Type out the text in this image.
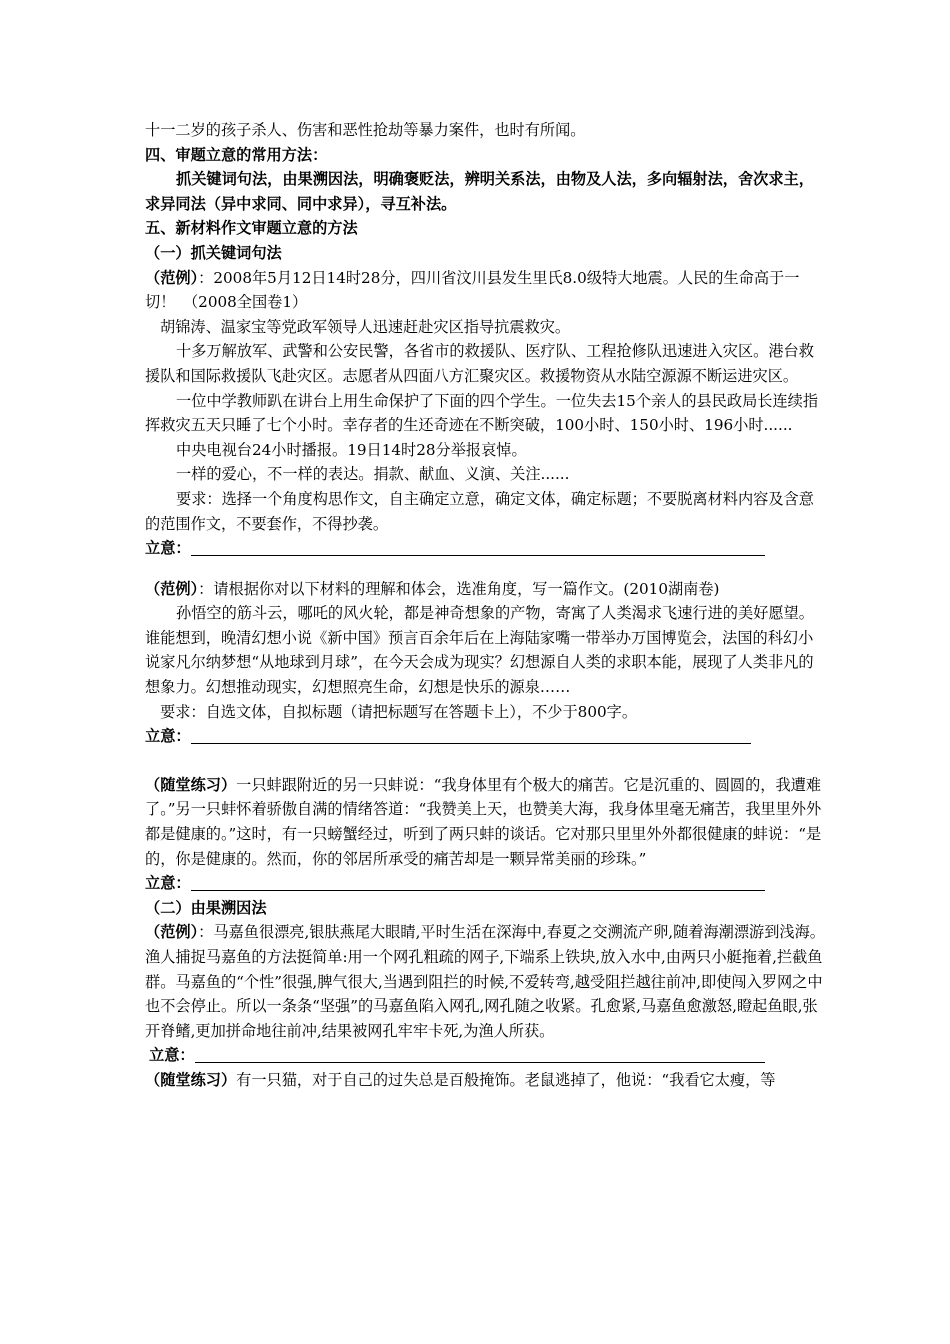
十一二岁的孩子杀人、伤害和恶性抢劫等暴力案件，也时有所闻。

四、审题立意的常用方法：

抓关键词句法，由果溯因法，明确褒贬法，辨明关系法，由物及人法，多向辐射法，舍次求主，求异同法（异中求同、同中求异），寻互补法。

五、新材料作文审题立意的方法

（一）抓关键词句法

（范例）：2008年5月12日14时28分，四川省汶川县发生里氏8.0级特大地震。人民的生命高于一切！　（2008全国卷1）

胡锦涛、温家宝等党政军领导人迅速赶赴灾区指导抗震救灾。

十多万解放军、武警和公安民警，各省市的救援队、医疗队、工程抢修队迅速进入灾区。港台救援队和国际救援队飞赴灾区。志愿者从四面八方汇聚灾区。救援物资从水陆空源源不断运进灾区。

一位中学教师趴在讲台上用生命保护了下面的四个学生。一位失去15个亲人的县民政局长连续指挥救灾五天只睡了七个小时。幸存者的生还奇迹在不断突破，100小时、150小时、196小时......

中央电视台24小时播报。19日14时28分举报哀悼。

一样的爱心，不一样的表达。捐款、献血、义演、关注......

要求：选择一个角度构思作文，自主确定立意，确定文体，确定标题；不要脱离材料内容及含意的范围作文，不要套作，不得抄袭。

立意：

（范例）：请根据你对以下材料的理解和体会，选准角度，写一篇作文。(2010湖南卷)

孙悟空的筋斗云，哪吒的风火轮，都是神奇想象的产物，寄寓了人类渴求飞速行进的美好愿望。谁能想到，晚清幻想小说《新中国》预言百余年后在上海陆家嘴一带举办万国博览会，法国的科幻小说家凡尔纳梦想“从地球到月球”，在今天会成为现实？幻想源自人类的求职本能，展现了人类非凡的想象力。幻想推动现实，幻想照亮生命，幻想是快乐的源泉……

要求：自选文体，自拟标题（请把标题写在答题卡上），不少于800字。

立意：

（随堂练习）一只蚌跟附近的另一只蚌说：“我身体里有个极大的痛苦。它是沉重的、圆圆的，我遭难了。”另一只蚌怀着骄傲自满的情绪答道：“我赞美上天，也赞美大海，我身体里毫无痛苦，我里里外外都是健康的。”这时，有一只螃蟹经过，听到了两只蚌的谈话。它对那只里里外外都很健康的蚌说：“是的，你是健康的。然而，你的邻居所承受的痛苦却是一颗异常美丽的珍珠。”

立意：

（二）由果溯因法

（范例）：马嘉鱼很漂亮,银肤燕尾大眼睛,平时生活在深海中,春夏之交溯流产卵,随着海潮漂游到浅海。渔人捕捉马嘉鱼的方法挺简单:用一个网孔粗疏的网子,下端系上铁块,放入水中,由两只小艇拖着,拦截鱼群。马嘉鱼的“个性”很强,脾气很大,当遇到阻拦的时候,不爱转弯,越受阻拦越往前冲,即使闯入罗网之中也不会停止。所以一条条“坚强”的马嘉鱼陷入网孔,网孔随之收紧。孔愈紧,马嘉鱼愈激怒,瞪起鱼眼,张开脊鳍,更加拼命地往前冲,结果被网孔牢牢卡死,为渔人所获。

立意：

（随堂练习）有一只猫，对于自己的过失总是百般掩饰。老鼠逃掉了，他说：“我看它太瘦，等
